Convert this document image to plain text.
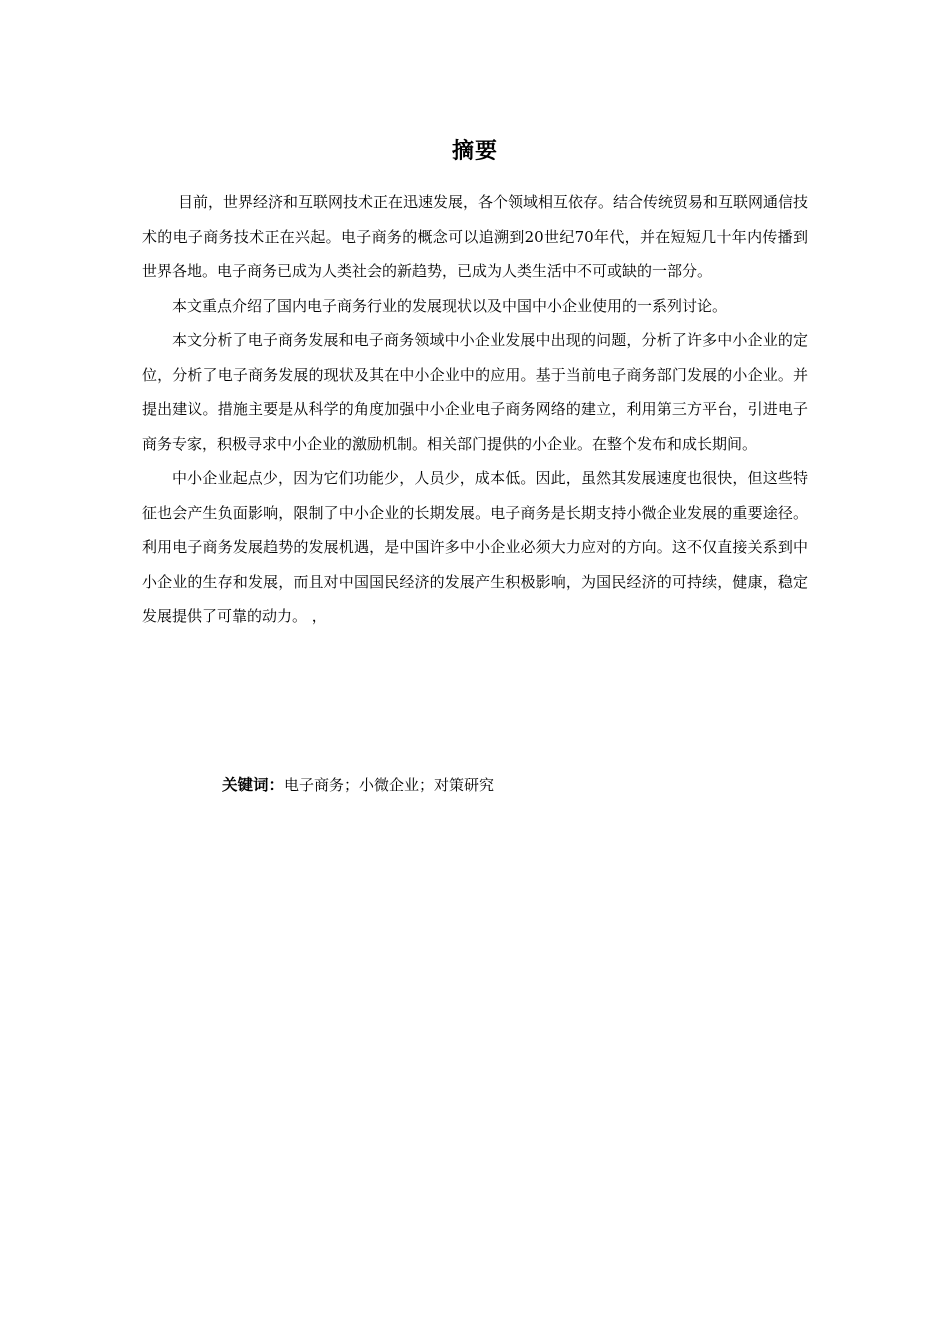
摘要

目前，世界经济和互联网技术正在迅速发展，各个领域相互依存。结合传统贸易和互联网通信技术的电子商务技术正在兴起。电子商务的概念可以追溯到20世纪70年代，并在短短几十年内传播到世界各地。电子商务已成为人类社会的新趋势，已成为人类生活中不可或缺的一部分。

本文重点介绍了国内电子商务行业的发展现状以及中国中小企业使用的一系列讨论。

本文分析了电子商务发展和电子商务领域中小企业发展中出现的问题，分析了许多中小企业的定位，分析了电子商务发展的现状及其在中小企业中的应用。基于当前电子商务部门发展的小企业。并提出建议。措施主要是从科学的角度加强中小企业电子商务网络的建立，利用第三方平台，引进电子商务专家，积极寻求中小企业的激励机制。相关部门提供的小企业。在整个发布和成长期间。

中小企业起点少，因为它们功能少，人员少，成本低。因此，虽然其发展速度也很快，但这些特征也会产生负面影响，限制了中小企业的长期发展。电子商务是长期支持小微企业发展的重要途径。利用电子商务发展趋势的发展机遇，是中国许多中小企业必须大力应对的方向。这不仅直接关系到中小企业的生存和发展，而且对中国国民经济的发展产生积极影响，为国民经济的可持续，健康，稳定发展提供了可靠的动力。 ，

关键词：电子商务；小微企业；对策研究
